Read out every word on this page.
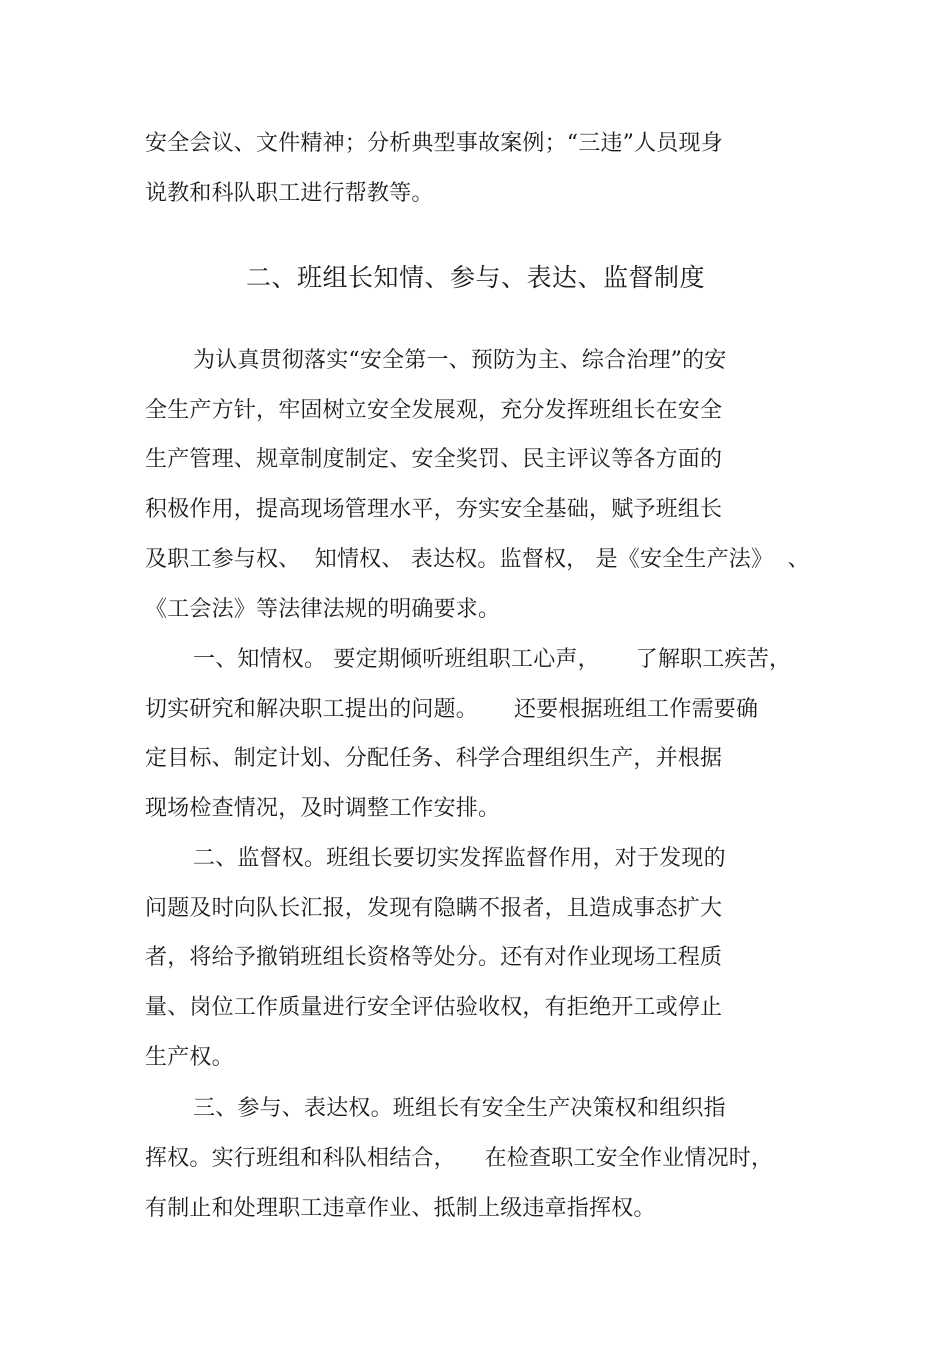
安全会议、文件精神；分析典型事故案例；“三违”人员现身
说教和科队职工进行帮教等。
二、班组长知情、参与、表达、监督制度
为认真贯彻落实“安全第一、预防为主、综合治理”的安
全生产方针，牢固树立安全发展观，充分发挥班组长在安全
生产管理、规章制度制定、安全奖罚、民主评议等各方面的
积极作用，提高现场管理水平，夯实安全基础，赋予班组长
及职工参与权、  知情权、 表达权。监督权， 是《安全生产法》  、
《工会法》等法律法规的明确要求。
一、知情权。 要定期倾听班组职工心声，     了解职工疾苦，
切实研究和解决职工提出的问题。     还要根据班组工作需要确
定目标、制定计划、分配任务、科学合理组织生产，并根据
现场检查情况，及时调整工作安排。
二、监督权。班组长要切实发挥监督作用，对于发现的
问题及时向队长汇报，发现有隐瞒不报者，且造成事态扩大
者，将给予撤销班组长资格等处分。还有对作业现场工程质
量、岗位工作质量进行安全评估验收权，有拒绝开工或停止
生产权。
三、参与、表达权。班组长有安全生产决策权和组织指
挥权。实行班组和科队相结合，    在检查职工安全作业情况时，
有制止和处理职工违章作业、抵制上级违章指挥权。
